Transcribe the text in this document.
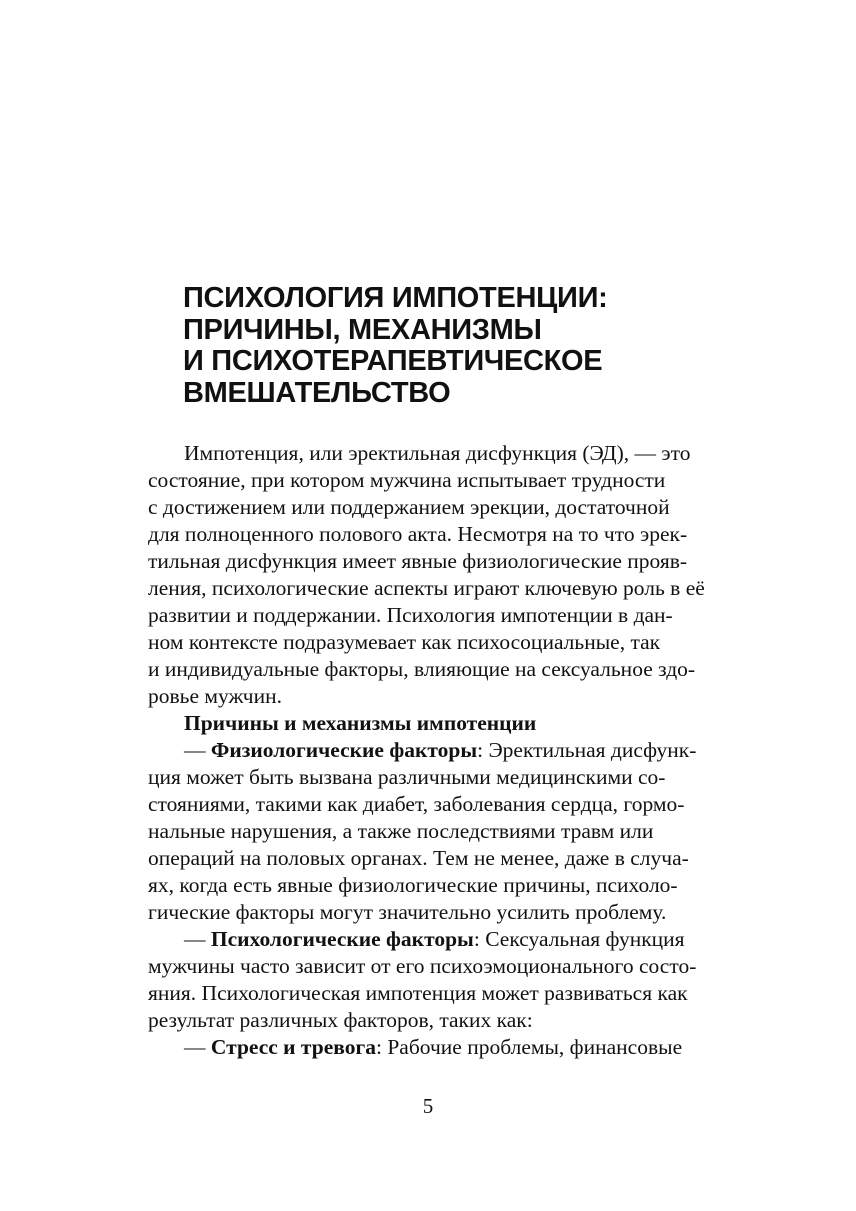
ПСИХОЛОГИЯ ИМПОТЕНЦИИ:
ПРИЧИНЫ, МЕХАНИЗМЫ
И ПСИХОТЕРАПЕВТИЧЕСКОЕ
ВМЕШАТЕЛЬСТВО
Импотенция, или эректильная дисфункция (ЭД), — это
состояние, при котором мужчина испытывает трудности
с достижением или поддержанием эрекции, достаточной
для полноценного полового акта. Несмотря на то что эрек-
тильная дисфункция имеет явные физиологические прояв-
ления, психологические аспекты играют ключевую роль в её
развитии и поддержании. Психология импотенции в дан-
ном контексте подразумевает как психосоциальные, так
и индивидуальные факторы, влияющие на сексуальное здо-
ровье мужчин.
Причины и механизмы импотенции
— Физиологические факторы: Эректильная дисфунк-
ция может быть вызвана различными медицинскими со-
стояниями, такими как диабет, заболевания сердца, гормо-
нальные нарушения, а также последствиями травм или
операций на половых органах. Тем не менее, даже в случа-
ях, когда есть явные физиологические причины, психоло-
гические факторы могут значительно усилить проблему.
— Психологические факторы: Сексуальная функция
мужчины часто зависит от его психоэмоционального состо-
яния. Психологическая импотенция может развиваться как
результат различных факторов, таких как:
— Стресс и тревога: Рабочие проблемы, финансовые
5
